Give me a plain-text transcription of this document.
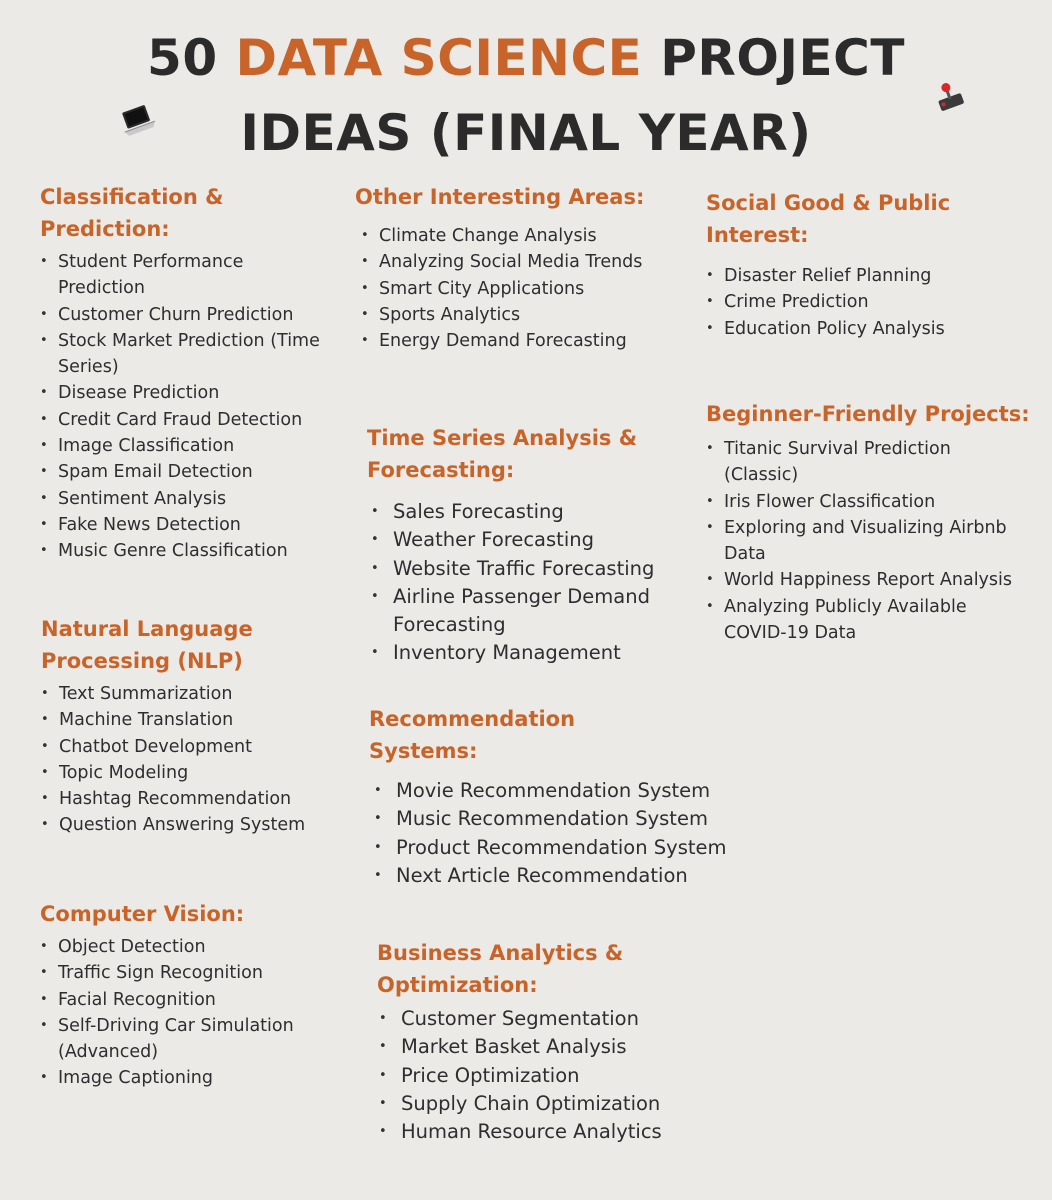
50 DATA SCIENCE PROJECT
IDEAS (FINAL YEAR)
Classification & Prediction:
• Student Performance Prediction
• Customer Churn Prediction
• Stock Market Prediction (Time Series)
• Disease Prediction
• Credit Card Fraud Detection
• Image Classification
• Spam Email Detection
• Sentiment Analysis
• Fake News Detection
• Music Genre Classification
Natural Language Processing (NLP)
• Text Summarization
• Machine Translation
• Chatbot Development
• Topic Modeling
• Hashtag Recommendation
• Question Answering System
Computer Vision:
• Object Detection
• Traffic Sign Recognition
• Facial Recognition
• Self-Driving Car Simulation (Advanced)
• Image Captioning
Other Interesting Areas:
• Climate Change Analysis
• Analyzing Social Media Trends
• Smart City Applications
• Sports Analytics
• Energy Demand Forecasting
Time Series Analysis & Forecasting:
• Sales Forecasting
• Weather Forecasting
• Website Traffic Forecasting
• Airline Passenger Demand Forecasting
• Inventory Management
Recommendation Systems:
• Movie Recommendation System
• Music Recommendation System
• Product Recommendation System
• Next Article Recommendation
Business Analytics & Optimization:
• Customer Segmentation
• Market Basket Analysis
• Price Optimization
• Supply Chain Optimization
• Human Resource Analytics
Social Good & Public Interest:
• Disaster Relief Planning
• Crime Prediction
• Education Policy Analysis
Beginner-Friendly Projects:
• Titanic Survival Prediction (Classic)
• Iris Flower Classification
• Exploring and Visualizing Airbnb Data
• World Happiness Report Analysis
• Analyzing Publicly Available COVID-19 Data
